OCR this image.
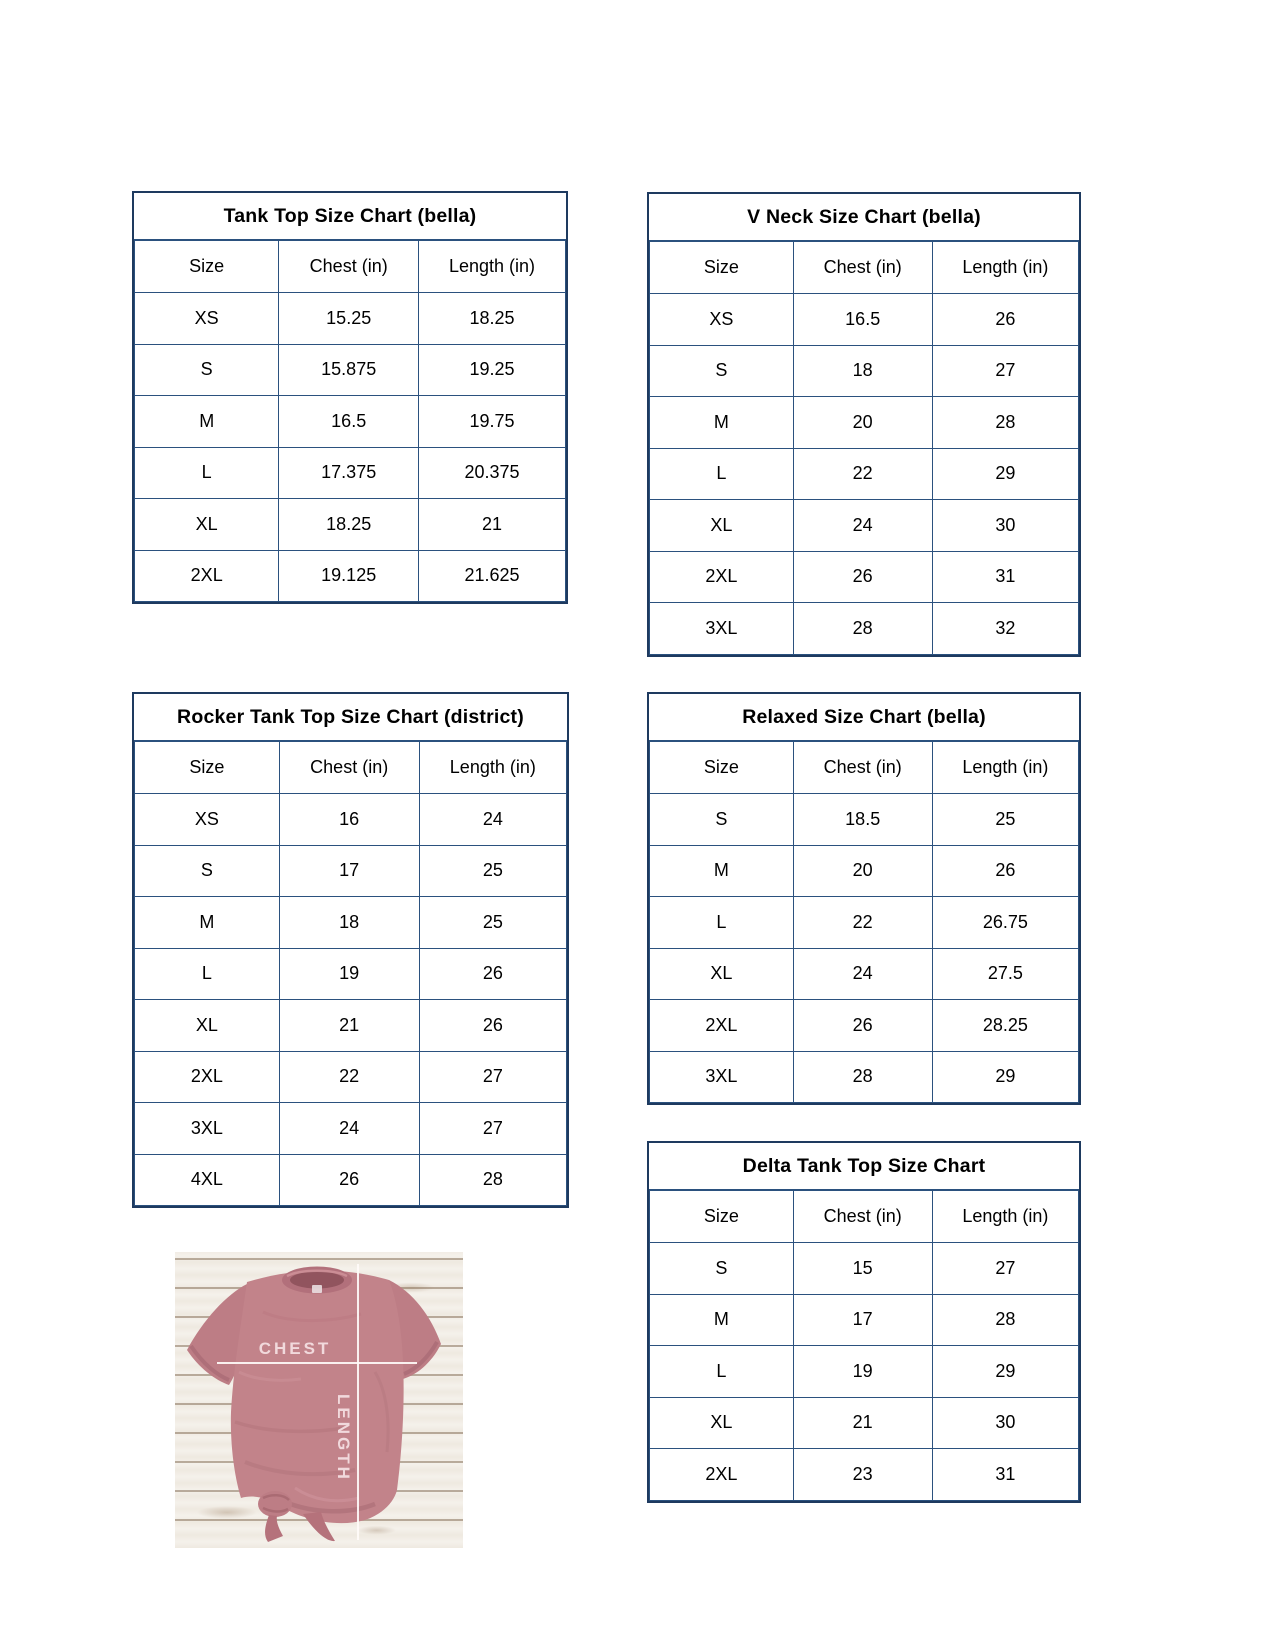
Tank Top Size Chart (bella)
Size	Chest (in)	Length (in)
XS	15.25	18.25
S	15.875	19.25
M	16.5	19.75
L	17.375	20.375
XL	18.25	21
2XL	19.125	21.625
V Neck Size Chart (bella)
Size	Chest (in)	Length (in)
XS	16.5	26
S	18	27
M	20	28
L	22	29
XL	24	30
2XL	26	31
3XL	28	32
Rocker Tank Top Size Chart (district)
Size	Chest (in)	Length (in)
XS	16	24
S	17	25
M	18	25
L	19	26
XL	21	26
2XL	22	27
3XL	24	27
4XL	26	28
Relaxed Size Chart (bella)
Size	Chest (in)	Length (in)
S	18.5	25
M	20	26
L	22	26.75
XL	24	27.5
2XL	26	28.25
3XL	28	29
Delta Tank Top Size Chart
Size	Chest (in)	Length (in)
S	15	27
M	17	28
L	19	29
XL	21	30
2XL	23	31
CHEST
LENGTH
